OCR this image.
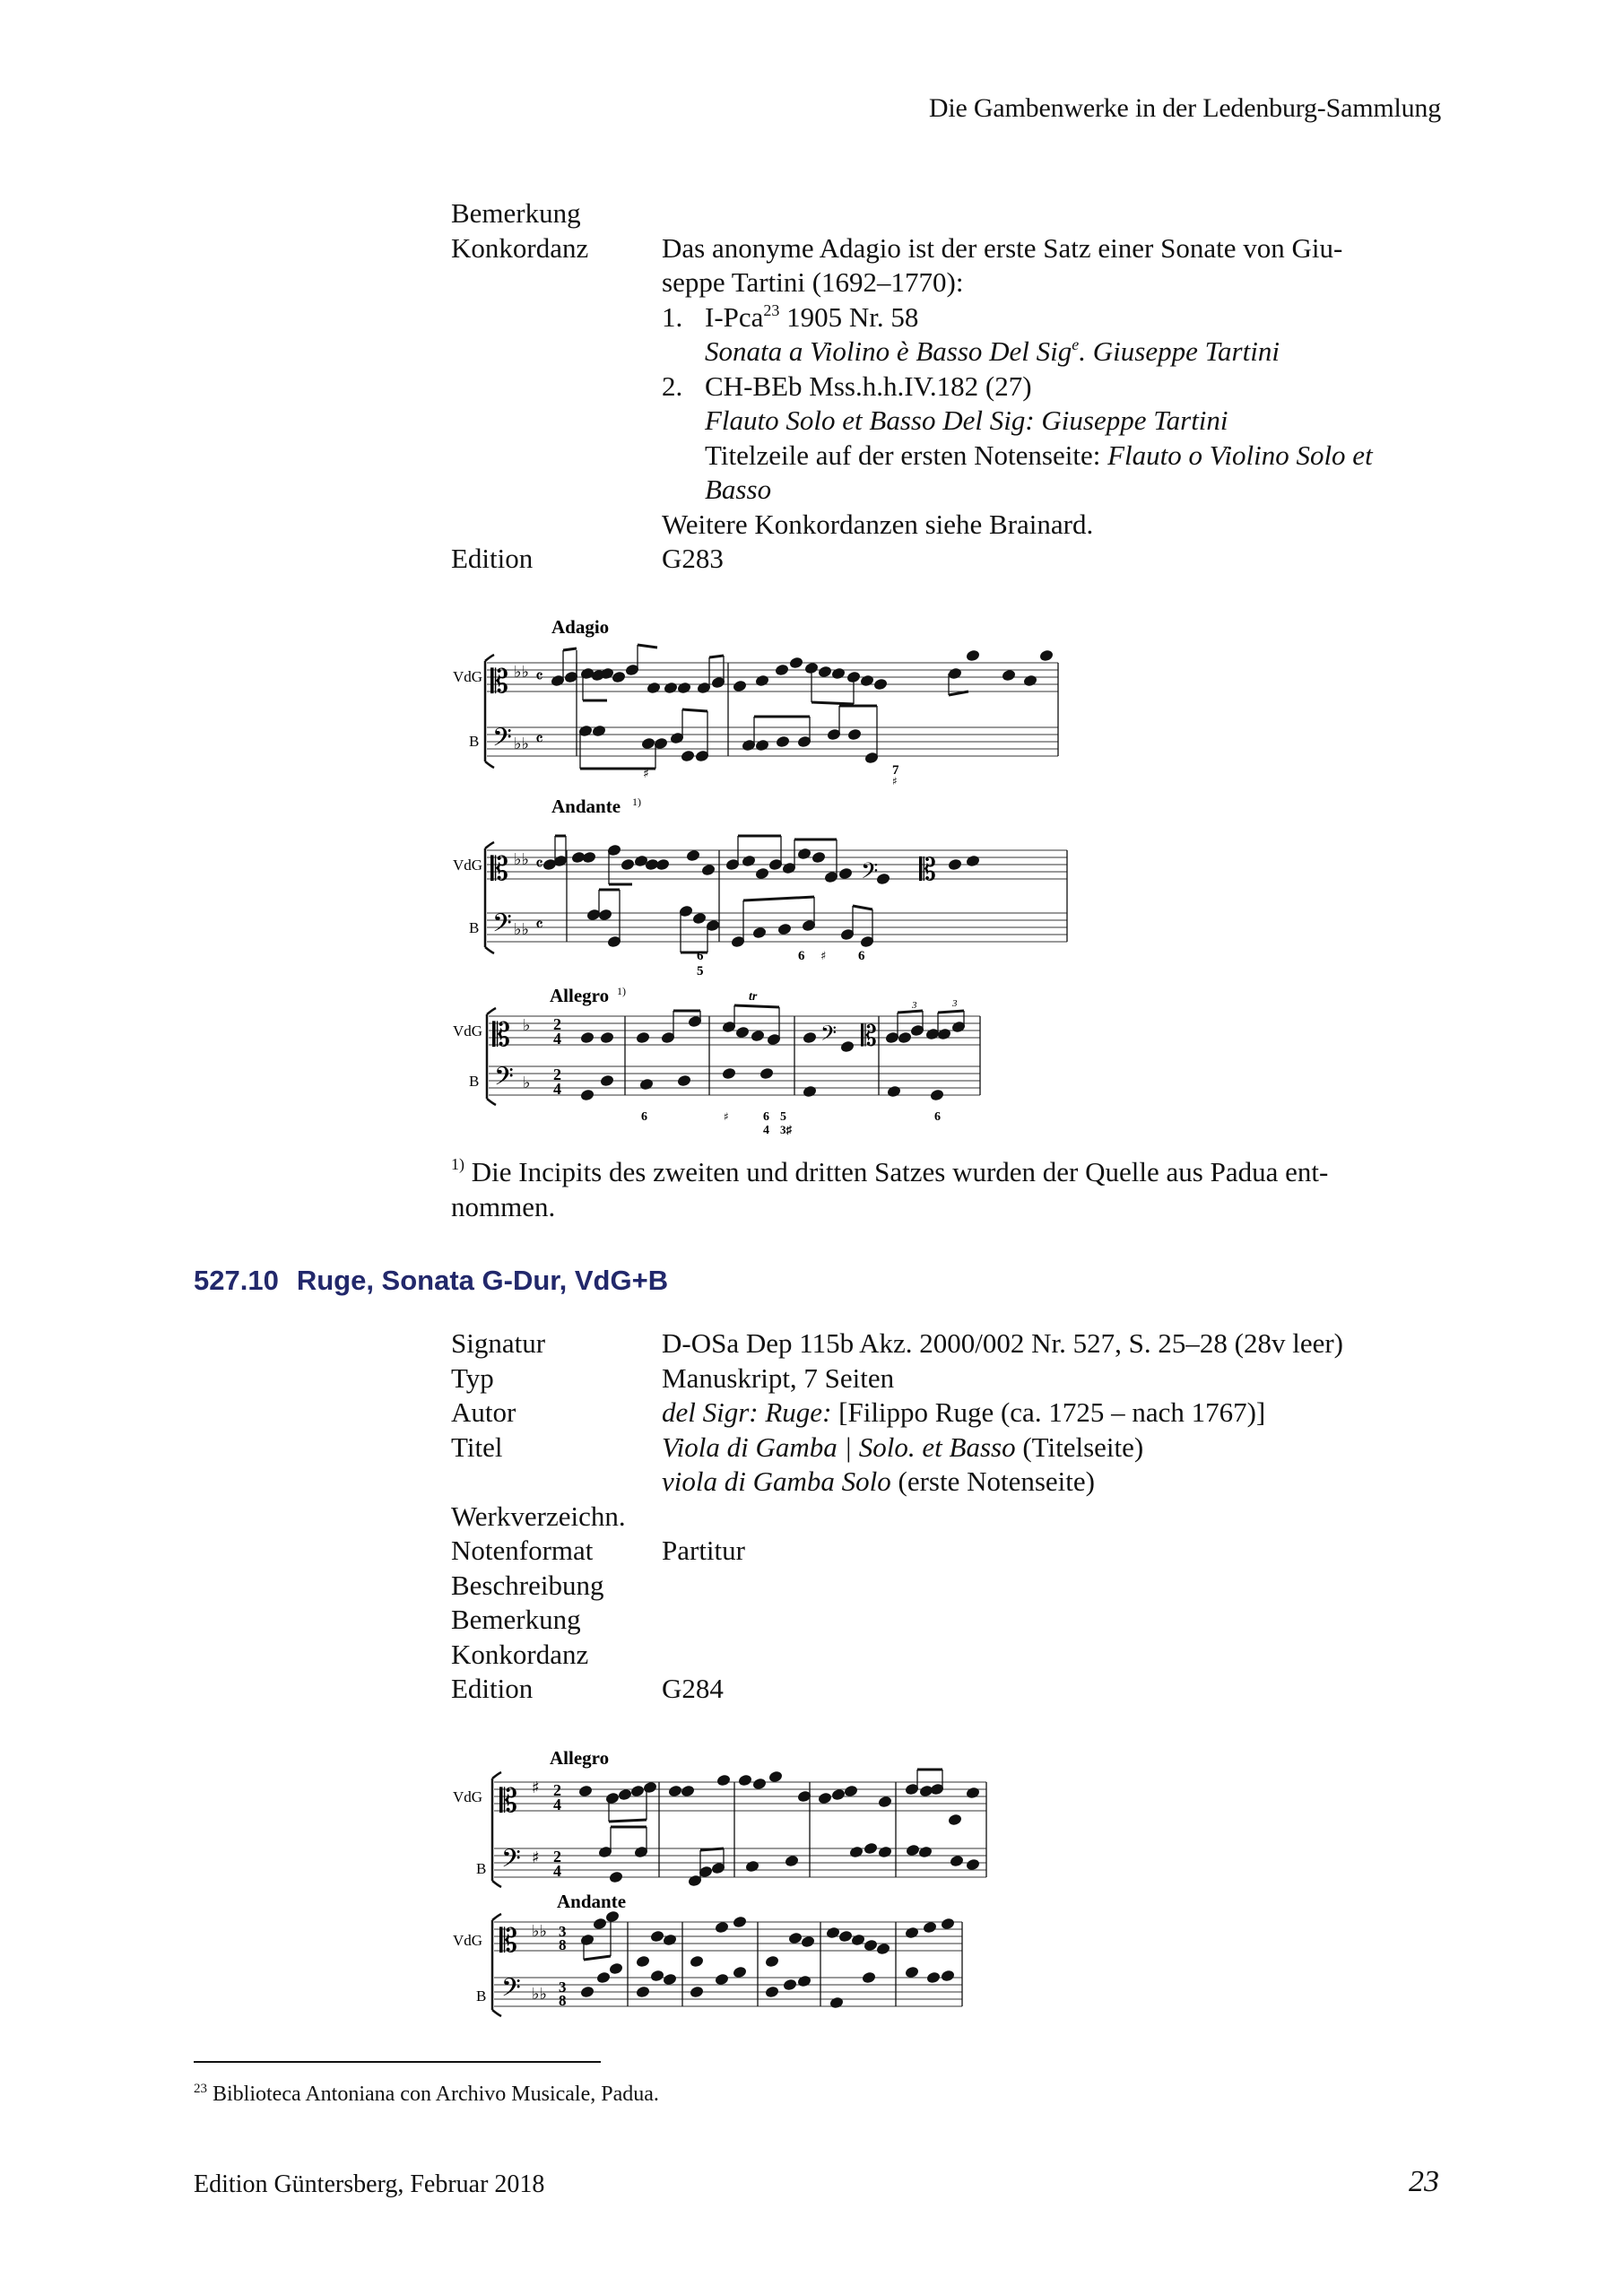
Die Gambenwerke in der Ledenburg-Sammlung
Bemerkung
Konkordanz	Das anonyme Adagio ist der erste Satz einer Sonate von Giu-
seppe Tartini (1692–1770):
1. I-Pca$^{23}$ 1905 Nr. 58
Sonata a Violino è Basso Del Sig$^e$. Giuseppe Tartini
2. CH-BEb Mss.h.h.IV.182 (27)
Flauto Solo et Basso Del Sig: Giuseppe Tartini
Titelzeile auf der ersten Notenseite: Flauto o Violino Solo et
Basso
Weitere Konkordanzen siehe Brainard.
Edition	G283
Adagio
VdG
B
𝄡
𝄢
♭♭
♭♭
𝄴
𝄴
♯	7
♯
Andante 1)
VdG
B
𝄡
𝄢
♭♭
♭♭
𝄴
𝄴
𝄢 𝄡
6
5
6 ♯ 6
Allegro 1)
VdG
B
𝄡
𝄢
♭
♭
2
4
2
4
𝄢 𝄡
tr
3	3
6	♯	6
4
5
3♯
6
$^{1)}$ Die Incipits des zweiten und dritten Satzes wurden der Quelle aus Padua ent-
nommen.
527.10 Ruge, Sonata G-Dur, VdG+B
Signatur	D-OSa Dep 115b Akz. 2000/002 Nr. 527, S. 25–28 (28v leer)
Typ	Manuskript, 7 Seiten
Autor	del Sigr: Ruge: [Filippo Ruge (ca. 1725 – nach 1767)]
Titel	Viola di Gamba | Solo. et Basso (Titelseite)
viola di Gamba Solo (erste Notenseite)
Werkverzeichn.
Notenformat	Partitur
Beschreibung
Bemerkung
Konkordanz
Edition	G284
Allegro
VdG
B
𝄡
𝄢
♯
♯
2
4
2
4
Andante
VdG
B
𝄡
𝄢
♭♭
♭♭
3
8
3
8
$^{23}$ Biblioteca Antoniana con Archivo Musicale, Padua.
Edition Güntersberg, Februar 2018	23
